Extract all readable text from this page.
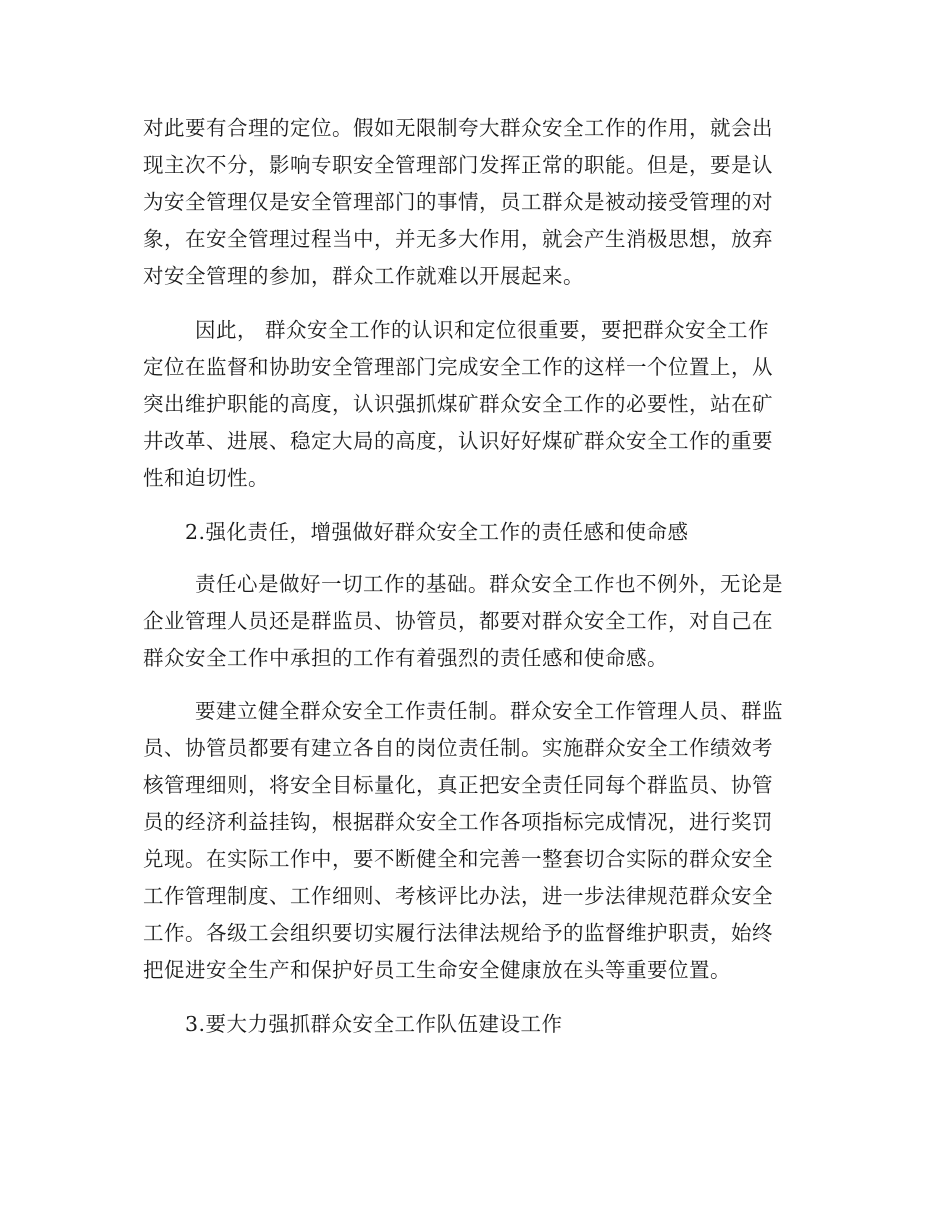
对此要有合理的定位。假如无限制夸大群众安全工作的作用，就会出
现主次不分，影响专职安全管理部门发挥正常的职能。但是，要是认
为安全管理仅是安全管理部门的事情，员工群众是被动接受管理的对
象，在安全管理过程当中，并无多大作用，就会产生消极思想，放弃
对安全管理的参加，群众工作就难以开展起来。
因此， 群众安全工作的认识和定位很重要，要把群众安全工作
定位在监督和协助安全管理部门完成安全工作的这样一个位置上，从
突出维护职能的高度，认识强抓煤矿群众安全工作的必要性，站在矿
井改革、进展、稳定大局的高度，认识好好煤矿群众安全工作的重要
性和迫切性。
2.强化责任，增强做好群众安全工作的责任感和使命感
责任心是做好一切工作的基础。群众安全工作也不例外，无论是
企业管理人员还是群监员、协管员，都要对群众安全工作，对自己在
群众安全工作中承担的工作有着强烈的责任感和使命感。
要建立健全群众安全工作责任制。群众安全工作管理人员、群监
员、协管员都要有建立各自的岗位责任制。实施群众安全工作绩效考
核管理细则，将安全目标量化，真正把安全责任同每个群监员、协管
员的经济利益挂钩，根据群众安全工作各项指标完成情况，进行奖罚
兑现。在实际工作中，要不断健全和完善一整套切合实际的群众安全
工作管理制度、工作细则、考核评比办法，进一步法律规范群众安全
工作。各级工会组织要切实履行法律法规给予的监督维护职责，始终
把促进安全生产和保护好员工生命安全健康放在头等重要位置。
3.要大力强抓群众安全工作队伍建设工作
